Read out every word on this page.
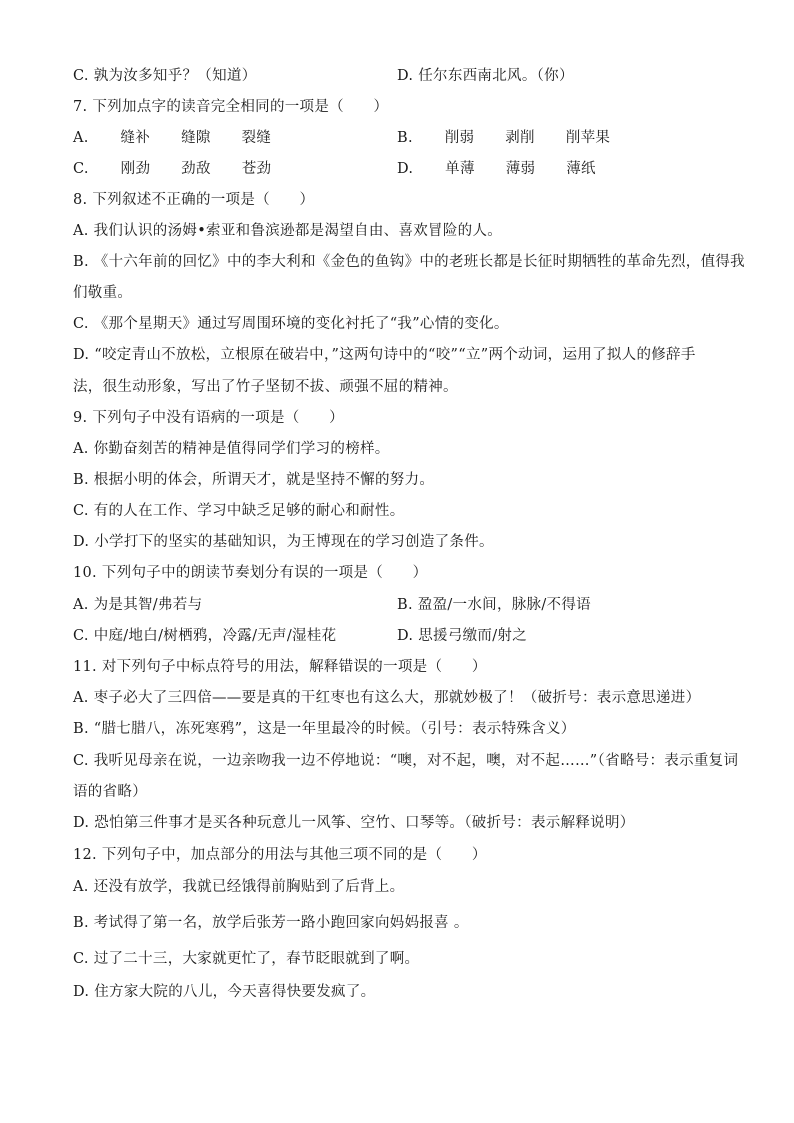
C. 孰为汝多知乎？（知道）	D. 任尔东西南北风。（你）
7. 下列加点字的读音完全相同的一项是（　　）
A. 缝补 缝隙 裂缝	B. 削弱 剥削 削苹果
C. 刚劲 劲敌 苍劲	D. 单薄 薄弱 薄纸
8. 下列叙述不正确的一项是（　　）
A. 我们认识的汤姆•索亚和鲁滨逊都是渴望自由、喜欢冒险的人。
B. 《十六年前的回忆》中的李大利和《金色的鱼钩》中的老班长都是长征时期牺牲的革命先烈，值得我
们敬重。
C. 《那个星期天》通过写周围环境的变化衬托了“我”心情的变化。
D. “咬定青山不放松，立根原在破岩中，”这两句诗中的“咬”“立”两个动词，运用了拟人的修辞手
法，很生动形象，写出了竹子坚韧不拔、顽强不屈的精神。
9. 下列句子中没有语病的一项是（　　）
A. 你勤奋刻苦的精神是值得同学们学习的榜样。
B. 根据小明的体会，所谓天才，就是坚持不懈的努力。
C. 有的人在工作、学习中缺乏足够的耐心和耐性。
D. 小学打下的坚实的基础知识，为王博现在的学习创造了条件。
10. 下列句子中的朗读节奏划分有误的一项是（　　）
A. 为是其智/弗若与	B. 盈盈/一水间，脉脉/不得语
C. 中庭/地白/树栖鸦，冷露/无声/湿桂花	D. 思援弓缴而/射之
11. 对下列句子中标点符号的用法，解释错误的一项是（　　）
A. 枣子必大了三四倍——要是真的干红枣也有这么大，那就妙极了！（破折号：表示意思递进）
B. “腊七腊八，冻死寒鸦”，这是一年里最冷的时候。（引号：表示特殊含义）
C. 我听见母亲在说，一边亲吻我一边不停地说：“噢，对不起，噢，对不起……”（省略号：表示重复词
语的省略）
D. 恐怕第三件事才是买各种玩意儿一风筝、空竹、口琴等。（破折号：表示解释说明）
12. 下列句子中，加点部分的用法与其他三项不同的是（　　）
A. 还没有放学，我就已经饿得前胸贴到了后背上。
B. 考试得了第一名，放学后张芳一路小跑回家向妈妈报喜 。
C. 过了二十三，大家就更忙了，春节眨眼就到了啊。
D. 住方家大院的八儿，今天喜得快要发疯了。
